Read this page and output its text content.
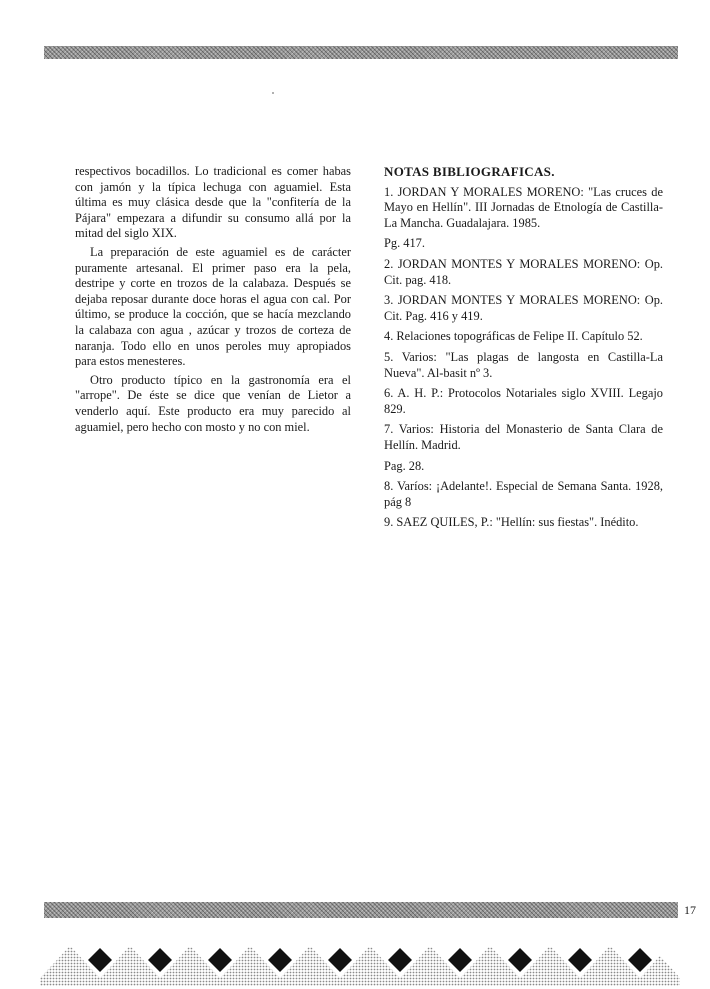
respectivos bocadillos. Lo tradicional es comer habas con jamón y la típica lechuga con aguamiel. Esta última es muy clásica desde que la "confitería de la Pájara" empezara a difundir su consumo allá por la mitad del siglo XIX.

La preparación de este aguamiel es de carácter puramente artesanal. El primer paso era la pela, destripe y corte en trozos de la calabaza. Después se dejaba reposar durante doce horas el agua con cal. Por último, se produce la cocción, que se hacía mezclando la calabaza con agua , azúcar y trozos de corteza de naranja. Todo ello en unos peroles muy apropiados para estos menesteres.

Otro producto típico en la gastronomía era el "arrope". De éste se dice que venían de Lietor a venderlo aquí. Este producto era muy parecido al aguamiel, pero hecho con mosto y no con miel.

NOTAS BIBLIOGRAFICAS.

1. JORDAN Y MORALES MORENO: "Las cruces de Mayo en Hellín". III Jornadas de Etnología de Castilla-La Mancha. Guadalajara. 1985.

Pg. 417.

2. JORDAN MONTES Y MORALES MORENO: Op. Cit. pag. 418.

3. JORDAN MONTES Y MORALES MORENO: Op. Cit. Pag. 416 y 419.

4. Relaciones topográficas de Felipe II. Capítulo 52.

5. Varios: "Las plagas de langosta en Castilla-La Nueva". Al-basit nº 3.

6. A. H. P.: Protocolos Notariales siglo XVIII. Legajo 829.

7. Varios: Historia del Monasterio de Santa Clara de Hellín. Madrid.

Pag. 28.

8. Varíos: ¡Adelante!. Especial de Semana Santa. 1928, pág 8

9. SAEZ QUILES, P.: "Hellín: sus fiestas". Inédito.

17
